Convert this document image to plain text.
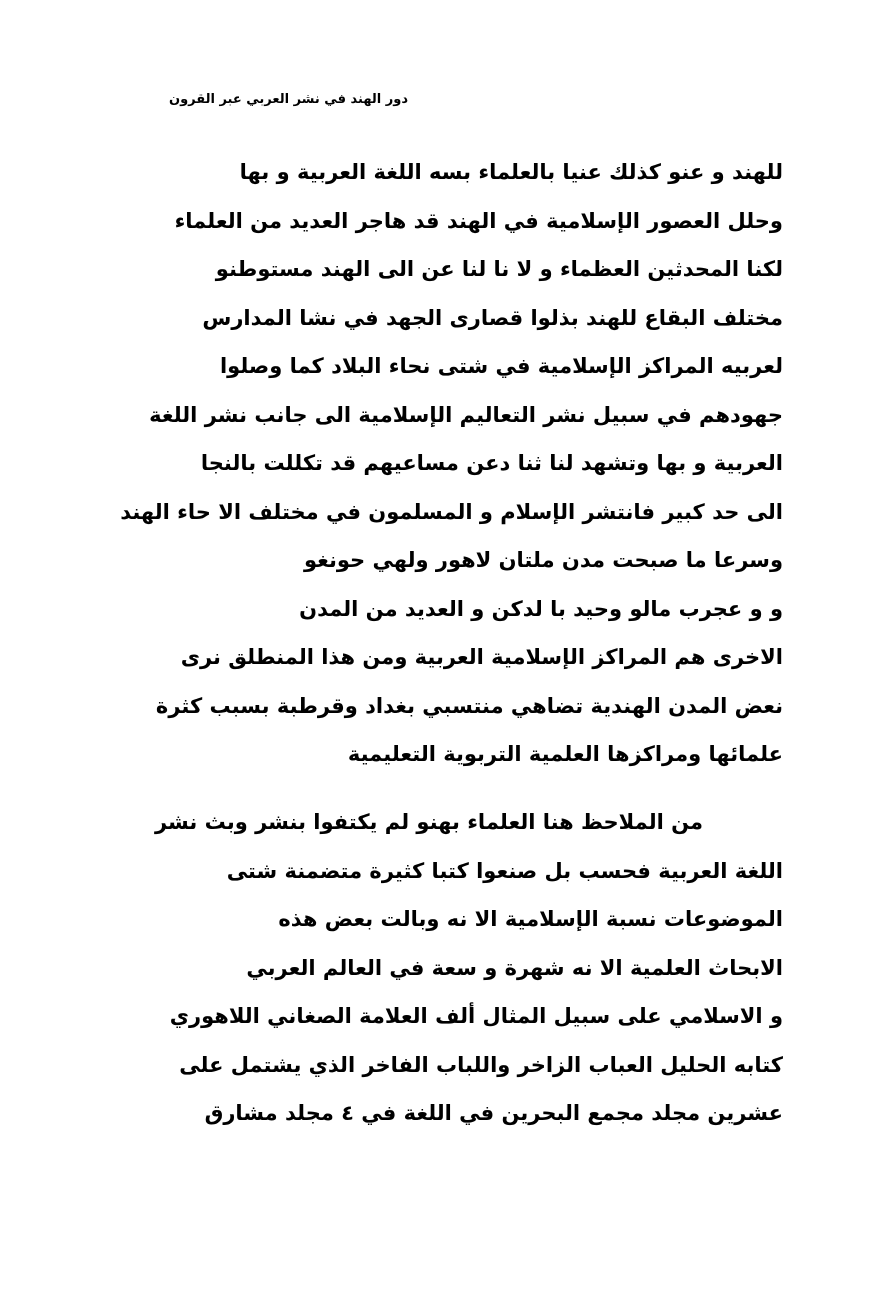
دور الهند في نشر العربي عبر القرون
للهند و عنو كذلك عنيا بالعلماء بسه اللغة العربية و بها
وحلل العصور الإسلامية في الهند قد هاجر العديد من العلماء
لكنا المحدثين العظماء و لا نا لنا عن الى الهند مستوطنو
مختلف البقاع للهند بذلوا قصارى الجهد في نشا المدارس
لعربيه المراكز الإسلامية في شتى نحاء البلاد كما وصلوا
جهودهم في سبيل نشر التعاليم الإسلامية الى جانب نشر اللغة
العربية و بها وتشهد لنا ثنا دعن مساعيهم قد تكللت بالنجا
الى حد كبير فانتشر الإسلام و المسلمون في مختلف الا حاء الهند
وسرعا ما صبحت مدن ملتان لاهور ولهي حونغو
و و عجرب مالو وحيد با لدكن و العديد من المدن
الاخرى هم المراكز الإسلامية العربية ومن هذا المنطلق نرى
نعض المدن الهندية تضاهي منتسبي بغداد وقرطبة بسبب كثرة
علمائها ومراكزها العلمية التربوية التعليمية
من الملاحظ هنا العلماء بهنو لم يكتفوا بنشر وبث نشر
اللغة العربية فحسب بل صنعوا كتبا كثيرة متضمنة شتى
الموضوعات نسبة الإسلامية الا نه وبالت بعض هذه
الابحاث العلمية الا نه شهرة و سعة في العالم العربي
و الاسلامي على سبيل المثال ألف العلامة الصغاني اللاهوري
كتابه الحليل العباب الزاخر واللباب الفاخر الذي يشتمل على
عشرين مجلد مجمع البحرين في اللغة في ٤ مجلد مشارق
